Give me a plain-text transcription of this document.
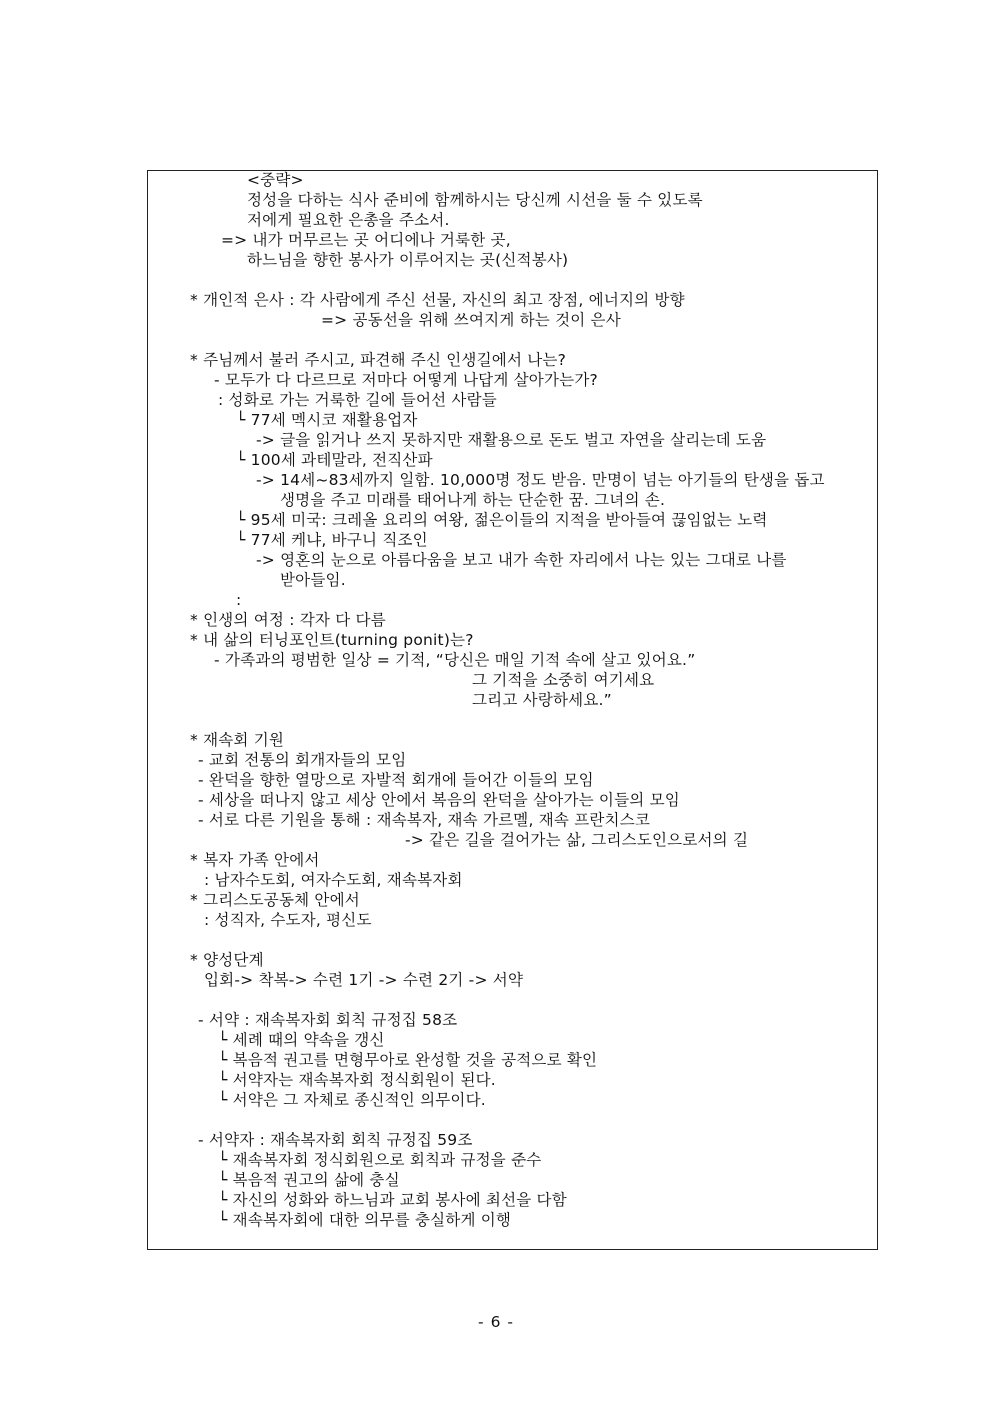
<중략>
정성을 다하는 식사 준비에 함께하시는 당신께 시선을 둘 수 있도록
저에게 필요한 은총을 주소서.
=> 내가 머무르는 곳 어디에나 거룩한 곳,
하느님을 향한 봉사가 이루어지는 곳(신적봉사)
* 개인적 은사 : 각 사람에게 주신 선물, 자신의 최고 장점, 에너지의 방향
=> 공동선을 위해 쓰여지게 하는 것이 은사
* 주님께서 불러 주시고, 파견해 주신 인생길에서 나는?
- 모두가 다 다르므로 저마다 어떻게 나답게 살아가는가?
: 성화로 가는 거룩한 길에 들어선 사람들
└ 77세 멕시코 재활용업자
-> 글을 읽거나 쓰지 못하지만 재활용으로 돈도 벌고 자연을 살리는데 도움
└ 100세 과테말라, 전직산파
-> 14세~83세까지 일함. 10,000명 정도 받음. 만명이 넘는 아기들의 탄생을 돕고
생명을 주고 미래를 태어나게 하는 단순한 꿈. 그녀의 손.
└ 95세 미국: 크레올 요리의 여왕, 젊은이들의 지적을 받아들여 끊임없는 노력
└ 77세 케냐, 바구니 직조인
-> 영혼의 눈으로 아름다움을 보고 내가 속한 자리에서 나는 있는 그대로 나를
받아들임.
:
* 인생의 여정 : 각자 다 다름
* 내 삶의 터닝포인트(turning ponit)는?
- 가족과의 평범한 일상 = 기적, “당신은 매일 기적 속에 살고 있어요.”
그 기적을 소중히 여기세요
그리고 사랑하세요.”
* 재속회 기원
- 교회 전통의 회개자들의 모임
- 완덕을 향한 열망으로 자발적 회개에 들어간 이들의 모임
- 세상을 떠나지 않고 세상 안에서 복음의 완덕을 살아가는 이들의 모임
- 서로 다른 기원을 통해 : 재속복자, 재속 가르멜, 재속 프란치스코
-> 같은 길을 걸어가는 삶, 그리스도인으로서의 길
* 복자 가족 안에서
: 남자수도회, 여자수도회, 재속복자회
* 그리스도공동체 안에서
: 성직자, 수도자, 평신도
* 양성단계
입회-> 착복-> 수련 1기 -> 수련 2기 -> 서약
- 서약 : 재속복자회 회칙 규정집 58조
└ 세례 때의 약속을 갱신
└ 복음적 권고를 면형무아로 완성할 것을 공적으로 확인
└ 서약자는 재속복자회 정식회원이 된다.
└ 서약은 그 자체로 종신적인 의무이다.
- 서약자 : 재속복자회 회칙 규정집 59조
└ 재속복자회 정식회원으로 회칙과 규정을 준수
└ 복음적 권고의 삶에 충실
└ 자신의 성화와 하느님과 교회 봉사에 최선을 다함
└ 재속복자회에 대한 의무를 충실하게 이행
- 6 -
